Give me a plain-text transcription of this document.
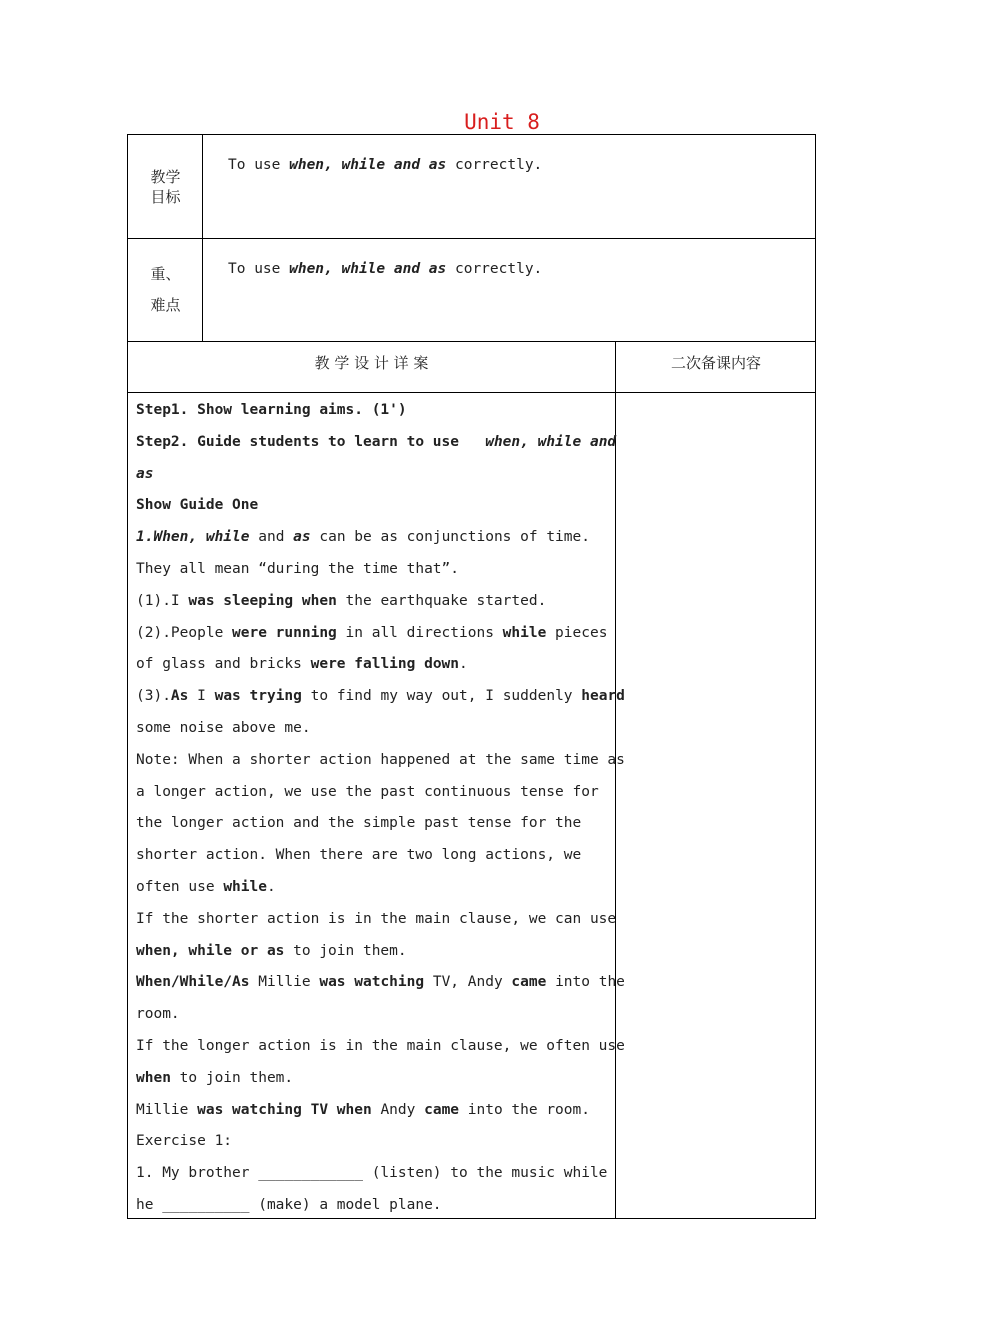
Unit 8
教学
目标
To use when, while and as correctly.
重、
难点
To use when, while and as correctly.
教 学 设 计 详 案	二次备课内容
Step1. Show learning aims. (1')
Step2. Guide students to learn to use when, while and
as
Show Guide One
1.When, while and as can be as conjunctions of time.
They all mean “during the time that”.
(1).I was sleeping when the earthquake started.
(2).People were running in all directions while pieces
of glass and bricks were falling down.
(3).As I was trying to find my way out, I suddenly heard
some noise above me.
Note: When a shorter action happened at the same time as
a longer action, we use the past continuous tense for
the longer action and the simple past tense for the
shorter action. When there are two long actions, we
often use while.
If the shorter action is in the main clause, we can use
when, while or as to join them.
When/While/As Millie was watching TV, Andy came into the
room.
If the longer action is in the main clause, we often use
when to join them.
Millie was watching TV when Andy came into the room.
Exercise 1:
1. My brother ____________ (listen) to the music while
he __________ (make) a model plane.
